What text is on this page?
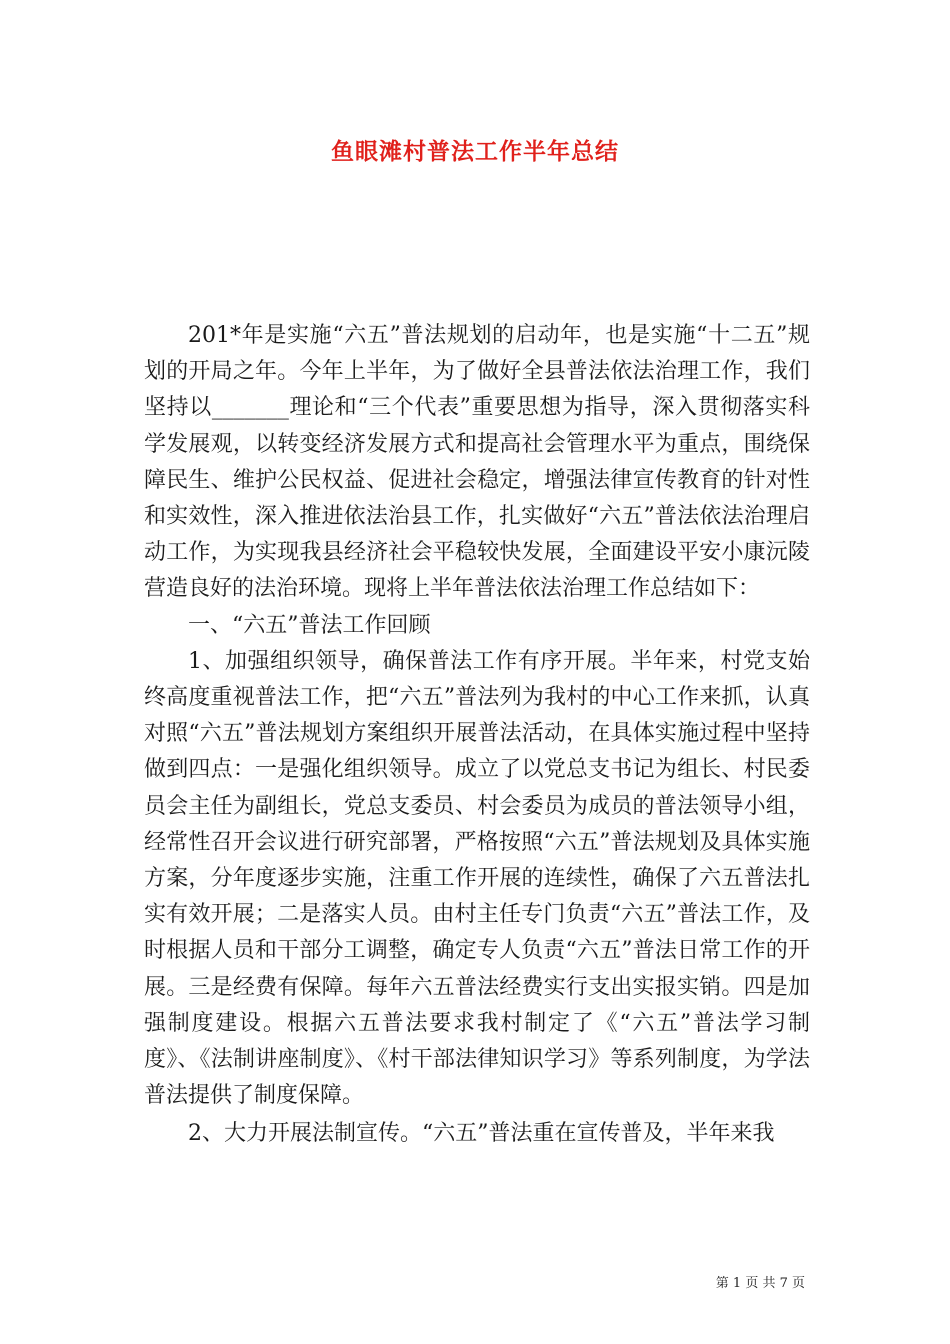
鱼眼滩村普法工作半年总结

201*年是实施“六五”普法规划的启动年，也是实施“十二五”规划的开局之年。今年上半年，为了做好全县普法依法治理工作，我们坚持以_______理论和“三个代表”重要思想为指导，深入贯彻落实科学发展观，以转变经济发展方式和提高社会管理水平为重点，围绕保障民生、维护公民权益、促进社会稳定，增强法律宣传教育的针对性和实效性，深入推进依法治县工作，扎实做好“六五”普法依法治理启动工作，为实现我县经济社会平稳较快发展，全面建设平安小康沅陵营造良好的法治环境。现将上半年普法依法治理工作总结如下：

一、“六五”普法工作回顾

1、加强组织领导，确保普法工作有序开展。半年来，村党支始终高度重视普法工作，把“六五”普法列为我村的中心工作来抓，认真对照“六五”普法规划方案组织开展普法活动，在具体实施过程中坚持做到四点：一是强化组织领导。成立了以党总支书记为组长、村民委员会主任为副组长，党总支委员、村会委员为成员的普法领导小组，经常性召开会议进行研究部署，严格按照“六五”普法规划及具体实施方案，分年度逐步实施，注重工作开展的连续性，确保了六五普法扎实有效开展；二是落实人员。由村主任专门负责“六五”普法工作，及时根据人员和干部分工调整，确定专人负责“六五”普法日常工作的开展。三是经费有保障。每年六五普法经费实行支出实报实销。四是加强制度建设。根据六五普法要求我村制定了《“六五”普法学习制度》、《法制讲座制度》、《村干部法律知识学习》等系列制度，为学法普法提供了制度保障。

2、大力开展法制宣传。“六五”普法重在宣传普及，半年来我

第 1 页 共 7 页
